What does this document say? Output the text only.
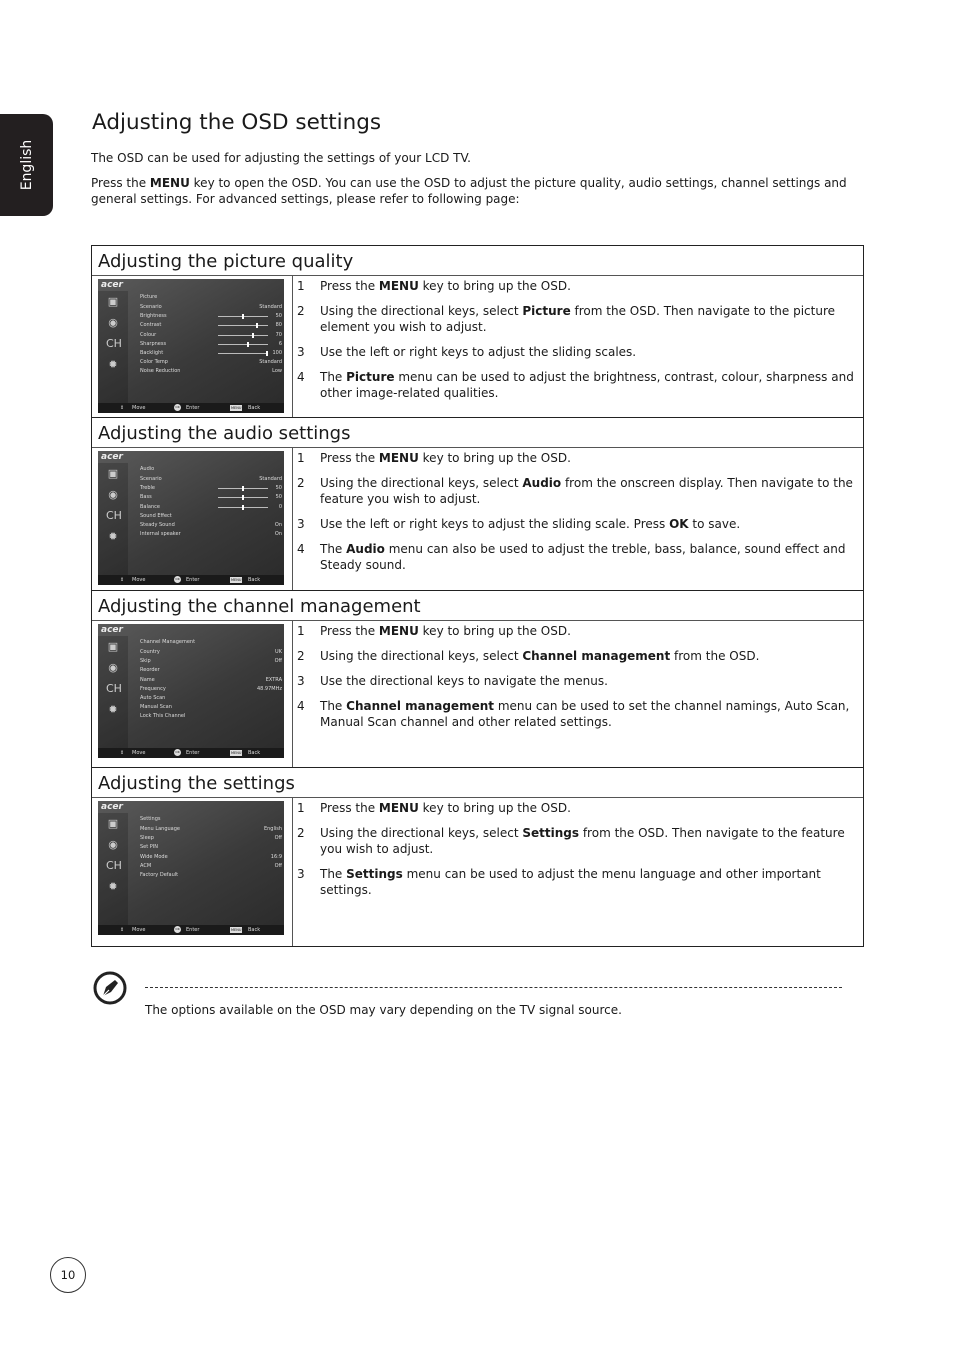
English
Adjusting the OSD settings

The OSD can be used for adjusting the settings of your LCD TV.

Press the MENU key to open the OSD. You can use the OSD to adjust the picture quality, audio settings, channel settings and general settings. For advanced settings, please refer to following page:

Adjusting the picture quality
acer
▣
◉
CH
✹
Picture
Scenario	Standard
Brightness	50
Contrast	80
Colour	70
Sharpness	6
Backlight	100
Color Temp	Standard
Noise Reduction	Low
⇕ Move	OK Enter	MENU Back
1	Press the MENU key to bring up the OSD.
2	Using the directional keys, select Picture from the OSD. Then navigate to the picture element you wish to adjust.
3	Use the left or right keys to adjust the sliding scales.
4	The Picture menu can be used to adjust the brightness, contrast, colour, sharpness and other image-related qualities.
Adjusting the audio settings
acer
▣
◉
CH
✹
Audio
Scenario	Standard
Treble	50
Bass	50
Balance	0
Sound Effect
Steady Sound	On
Internal speaker	On
⇕ Move	OK Enter	MENU Back
1	Press the MENU key to bring up the OSD.
2	Using the directional keys, select Audio from the onscreen display. Then navigate to the feature you wish to adjust.
3	Use the left or right keys to adjust the sliding scale. Press OK to save.
4	The Audio menu can also be used to adjust the treble, bass, balance, sound effect and Steady sound.
Adjusting the channel management
acer
▣
◉
CH
✹
Channel Management
Country	UK
Skip	Off
Reorder
Name	EXTRA
Frequency	48.97MHz
Auto Scan
Manual Scan
Lock This Channel
⇕ Move	OK Enter	MENU Back
1	Press the MENU key to bring up the OSD.
2	Using the directional keys, select Channel management from the OSD.
3	Use the directional keys to navigate the menus.
4	The Channel management menu can be used to set the channel namings, Auto Scan, Manual Scan channel and other related settings.
Adjusting the settings
acer
▣
◉
CH
✹
Settings
Menu Language	English
Sleep	Off
Set PIN
Wide Mode	16:9
ACM	Off
Factory Default
⇕ Move	OK Enter	MENU Back
1	Press the MENU key to bring up the OSD.
2	Using the directional keys, select Settings from the OSD. Then navigate to the feature you wish to adjust.
3	The Settings menu can be used to adjust the menu language and other important settings.

The options available on the OSD may vary depending on the TV signal source.

10
